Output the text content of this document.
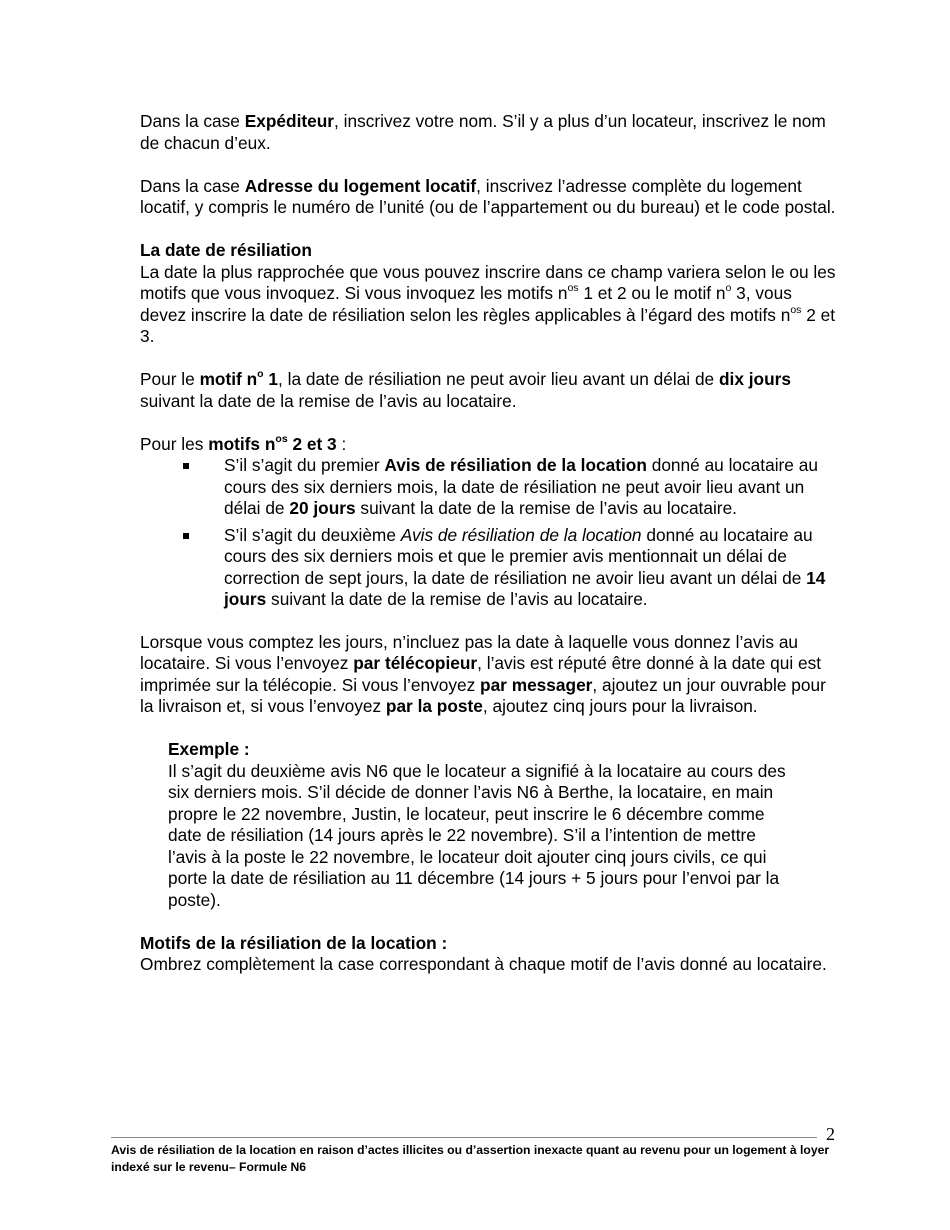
Dans la case Expéditeur, inscrivez votre nom. S’il y a plus d’un locateur, inscrivez le nom de chacun d’eux.

Dans la case Adresse du logement locatif, inscrivez l’adresse complète du logement locatif, y compris le numéro de l’unité (ou de l’appartement ou du bureau) et le code postal.

La date de résiliation

La date la plus rapprochée que vous pouvez inscrire dans ce champ variera selon le ou les motifs que vous invoquez. Si vous invoquez les motifs $n^{os}$ 1 et 2 ou le motif $n^o$ 3, vous devez inscrire la date de résiliation selon les règles applicables à l’égard des motifs $n^{os}$ 2 et 3.

Pour le motif $n^o$ 1, la date de résiliation ne peut avoir lieu avant un délai de dix jours suivant la date de la remise de l’avis au locataire.

Pour les motifs $n^{os}$ 2 et 3 :

S’il s’agit du premier Avis de résiliation de la location donné au locataire au cours des six derniers mois, la date de résiliation ne peut avoir lieu avant un délai de 20 jours suivant la date de la remise de l’avis au locataire.
S’il s’agit du deuxième Avis de résiliation de la location donné au locataire au cours des six derniers mois et que le premier avis mentionnait un délai de correction de sept jours, la date de résiliation ne avoir lieu avant un délai de 14 jours suivant la date de la remise de l’avis au locataire.

Lorsque vous comptez les jours, n’incluez pas la date à laquelle vous donnez l’avis au locataire. Si vous l’envoyez par télécopieur, l’avis est réputé être donné à la date qui est imprimée sur la télécopie. Si vous l’envoyez par messager, ajoutez un jour ouvrable pour la livraison et, si vous l’envoyez par la poste, ajoutez cinq jours pour la livraison.

Exemple :

Il s’agit du deuxième avis N6 que le locateur a signifié à la locataire au cours des six derniers mois. S’il décide de donner l’avis N6 à Berthe, la locataire, en main propre le 22 novembre, Justin, le locateur, peut inscrire le 6 décembre comme date de résiliation (14 jours après le 22 novembre). S’il a l’intention de mettre l’avis à la poste le 22 novembre, le locateur doit ajouter cinq jours civils, ce qui porte la date de résiliation au 11 décembre (14 jours + 5 jours pour l’envoi par la poste).

Motifs de la résiliation de la location :

Ombrez complètement la case correspondant à chaque motif de l’avis donné au locataire.

2
Avis de résiliation de la location en raison d’actes illicites ou d’assertion inexacte quant au revenu pour un logement à loyer indexé sur le revenu– Formule N6
